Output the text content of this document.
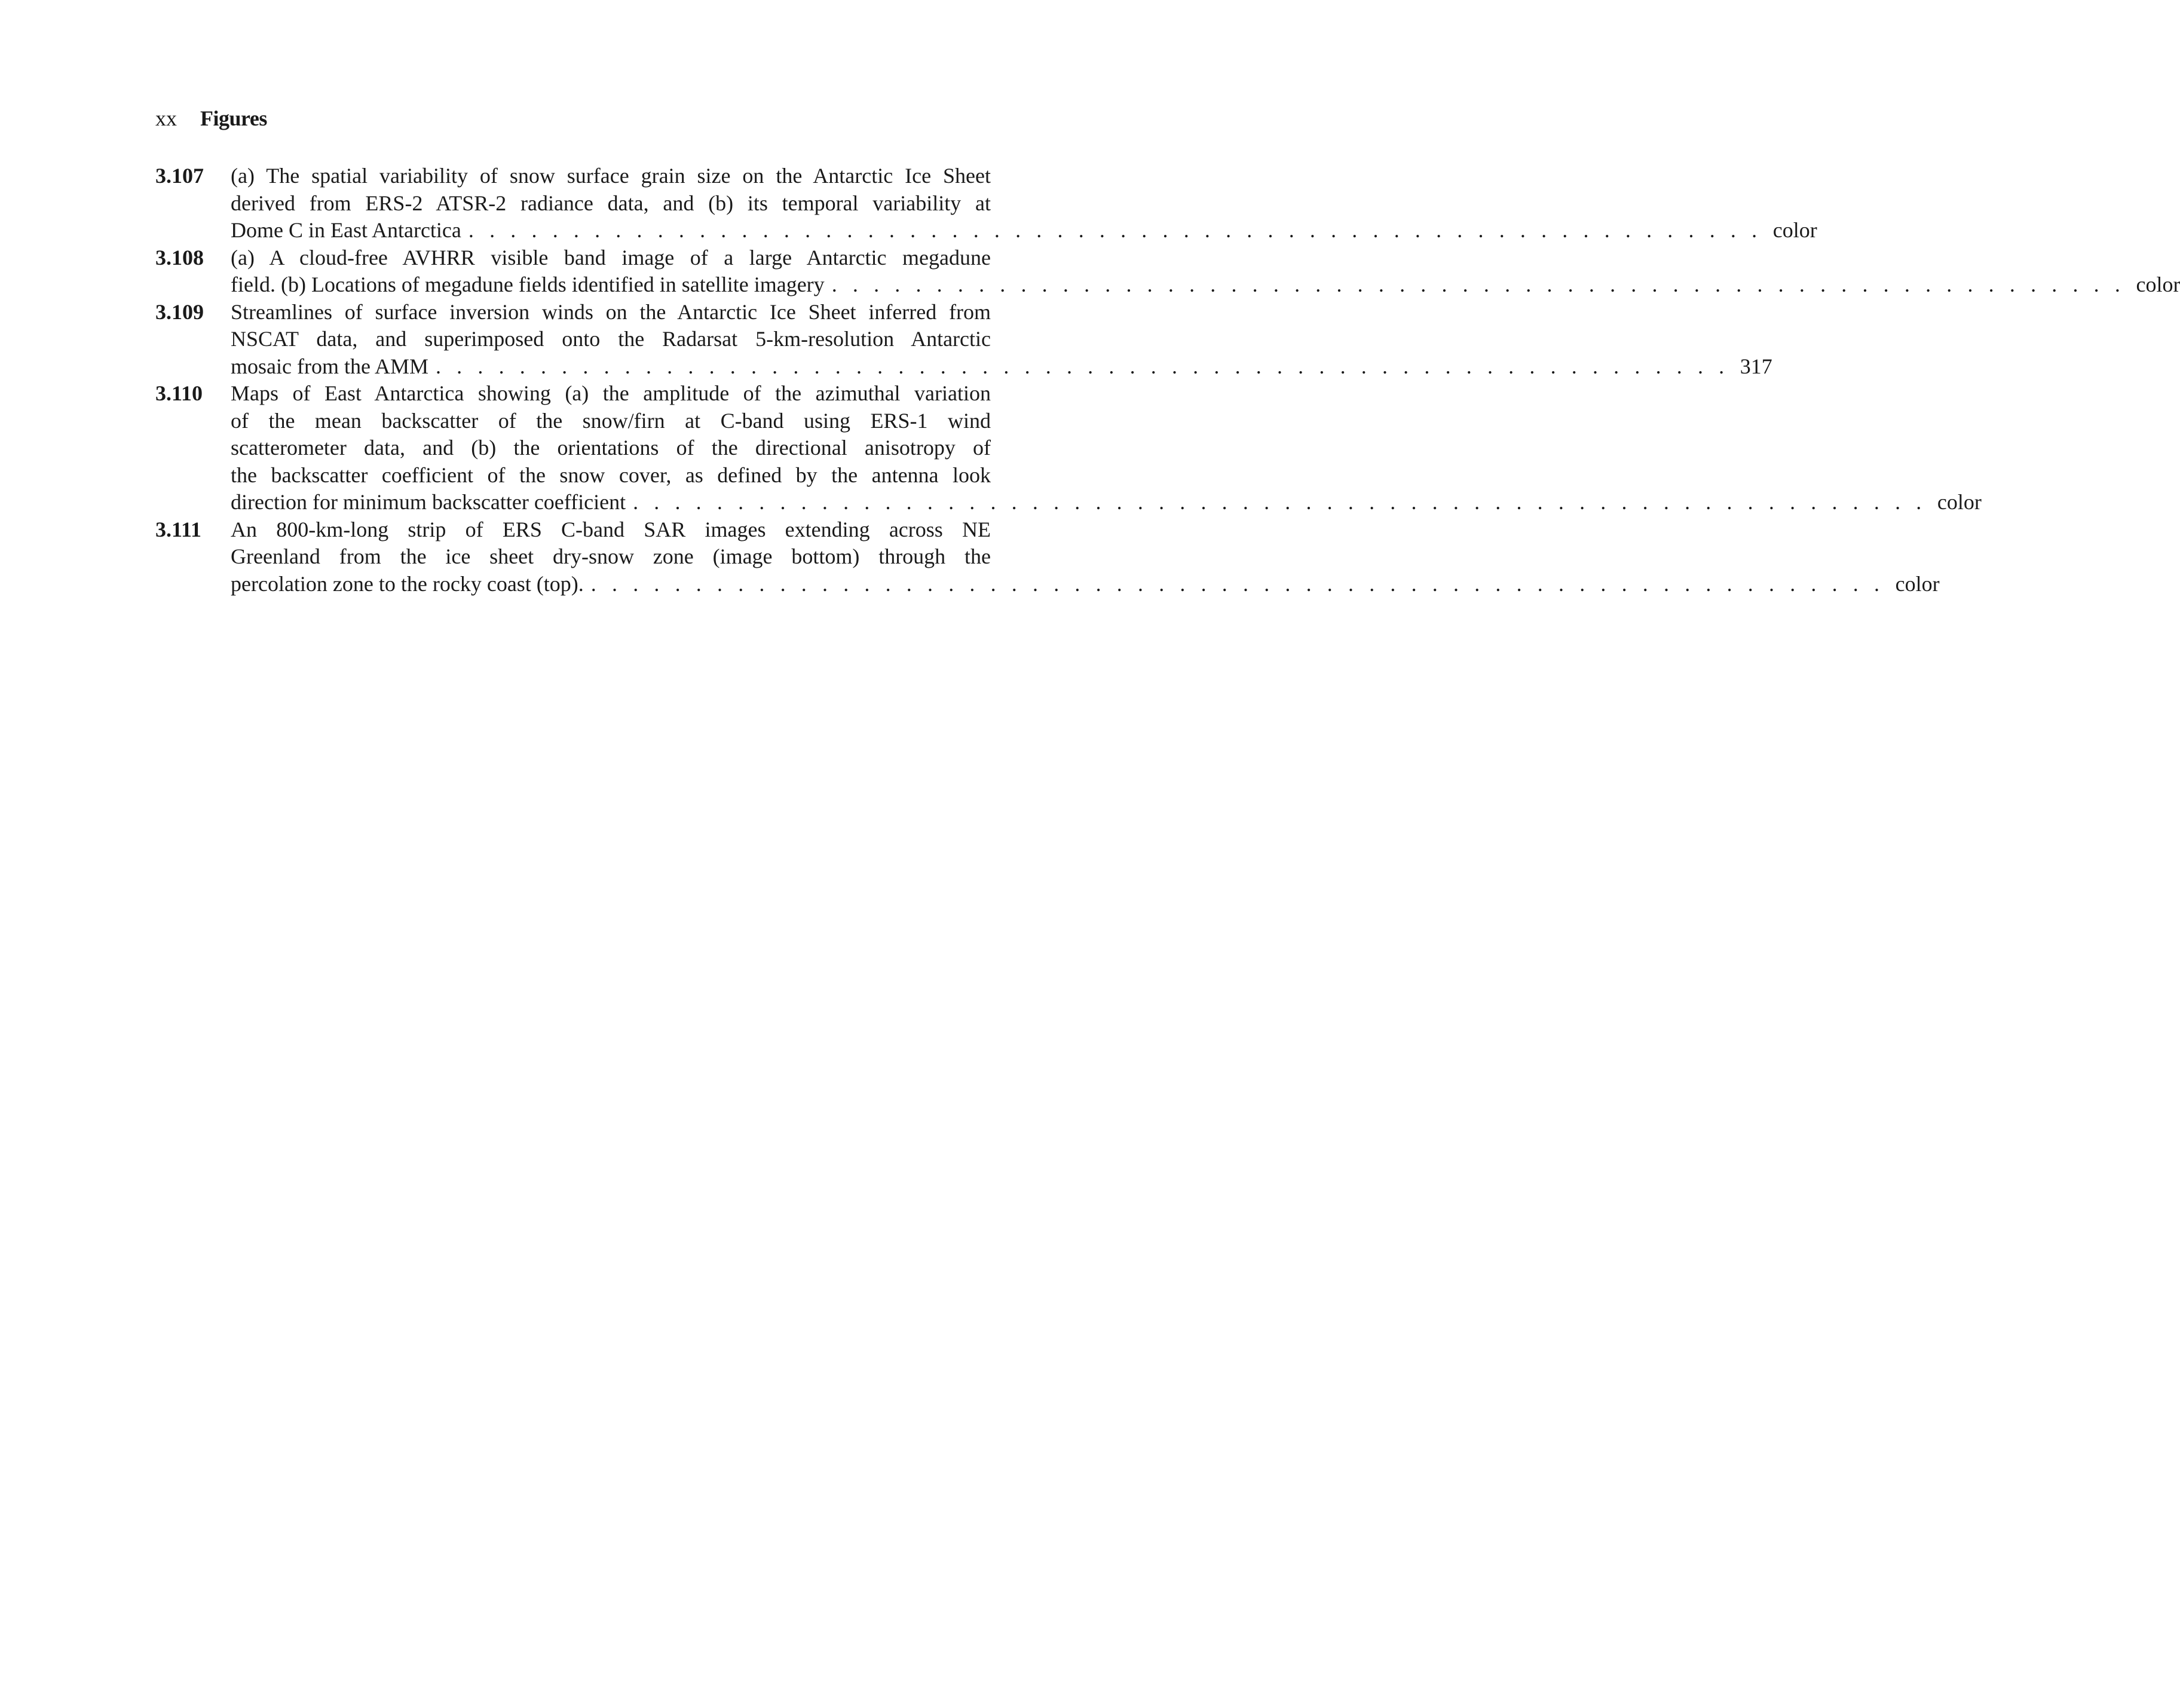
xx Figures
3.107	(a) The spatial variability of snow surface grain size on the Antarctic Ice Sheet
derived from ERS-2 ATSR-2 radiance data, and (b) its temporal variability at
Dome C in East Antarctica . . . . . . . . . . . . . . . . . . . . . . . . . . . . . . . . . . . . . . . . . . . . . . . . . . . . . . . . . . . . . . color
3.108	(a) A cloud-free AVHRR visible band image of a large Antarctic megadune
field. (b) Locations of megadune fields identified in satellite imagery . . . . . . . . . . . . . . . . . . . . . . . . . . . . . . . . . . . . . . . . . . . . . . . . . . . . . . . . . . . . . . color
3.109	Streamlines of surface inversion winds on the Antarctic Ice Sheet inferred from
NSCAT data, and superimposed onto the Radarsat 5-km-resolution Antarctic
mosaic from the AMM . . . . . . . . . . . . . . . . . . . . . . . . . . . . . . . . . . . . . . . . . . . . . . . . . . . . . . . . . . . . . . 317
3.110	Maps of East Antarctica showing (a) the amplitude of the azimuthal variation
of the mean backscatter of the snow/firn at C-band using ERS-1 wind
scatterometer data, and (b) the orientations of the directional anisotropy of
the backscatter coefficient of the snow cover, as defined by the antenna look
direction for minimum backscatter coefficient . . . . . . . . . . . . . . . . . . . . . . . . . . . . . . . . . . . . . . . . . . . . . . . . . . . . . . . . . . . . . . color
3.111	An 800-km-long strip of ERS C-band SAR images extending across NE
Greenland from the ice sheet dry-snow zone (image bottom) through the
percolation zone to the rocky coast (top). . . . . . . . . . . . . . . . . . . . . . . . . . . . . . . . . . . . . . . . . . . . . . . . . . . . . . . . . . . . . . . color
